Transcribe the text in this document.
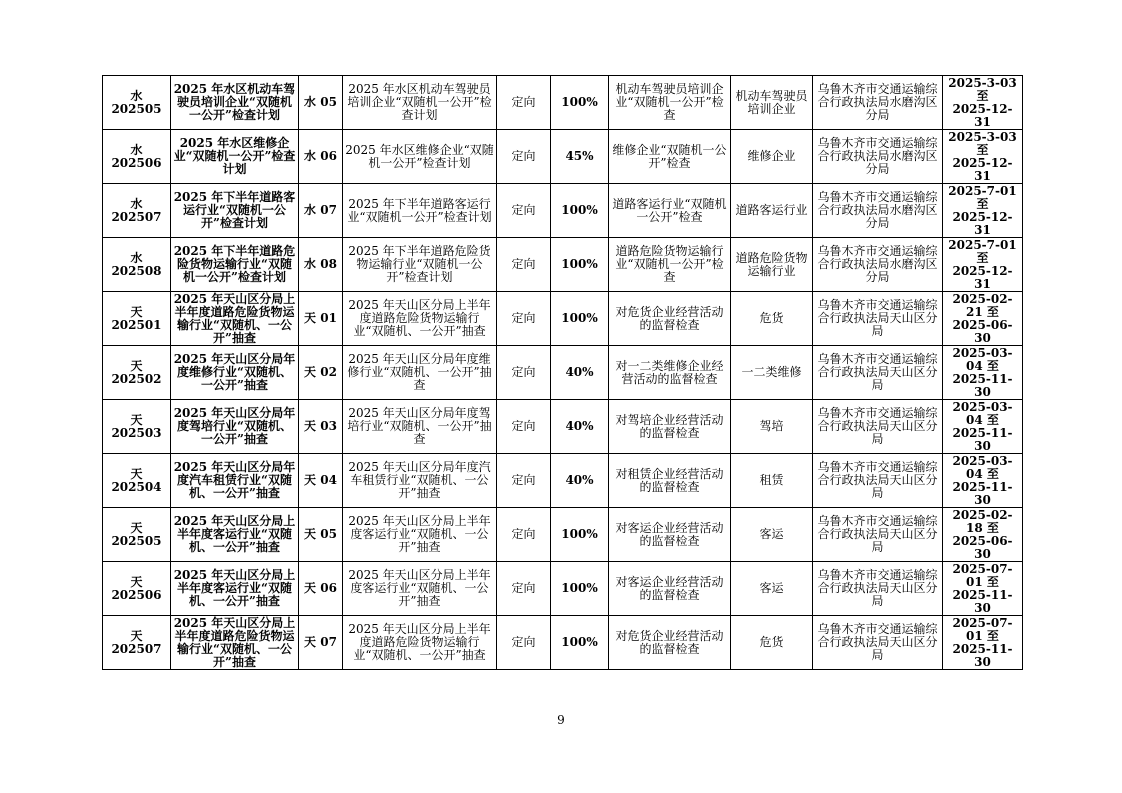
水 202505	2025 年水区机动车驾驶员培训企业“双随机一公开”检查计划	水 05	2025 年水区机动车驾驶员培训企业“双随机一公开”检查计划	定向	100%	机动车驾驶员培训企业“双随机一公开”检查	机动车驾驶员培训企业	乌鲁木齐市交通运输综合行政执法局水磨沟区分局	2025-3-03 至
2025-12-31

水 202506	2025 年水区维修企业“双随机一公开”检查计划	水 06	2025 年水区维修企业“双随机一公开”检查计划	定向	45%	维修企业“双随机一公开”检查	维修企业	乌鲁木齐市交通运输综合行政执法局水磨沟区分局	2025-3-03 至
2025-12-31

水 202507	2025 年下半年道路客运行业“双随机一公开”检查计划	水 07	2025 年下半年道路客运行业“双随机一公开”检查计划	定向	100%	道路客运行业“双随机一公开”检查	道路客运行业	乌鲁木齐市交通运输综合行政执法局水磨沟区分局	2025-7-01 至
2025-12-31

水 202508	2025 年下半年道路危险货物运输行业“双随机一公开”检查计划	水 08	2025 年下半年道路危险货物运输行业“双随机一公开”检查计划	定向	100%	道路危险货物运输行业“双随机一公开”检查	道路危险货物运输行业	乌鲁木齐市交通运输综合行政执法局水磨沟区分局	2025-7-01 至
2025-12-31

天 202501	2025 年天山区分局上半年度道路危险货物运输行业“双随机、一公开”抽查	天 01	2025 年天山区分局上半年度道路危险货物运输行业“双随机、一公开”抽查	定向	100%	对危货企业经营活动的监督检查	危货	乌鲁木齐市交通运输综合行政执法局天山区分局	2025-02-21 至
2025-06-30

天 202502	2025 年天山区分局年度维修行业“双随机、一公开”抽查	天 02	2025 年天山区分局年度维修行业“双随机、一公开”抽查	定向	40%	对一二类维修企业经营活动的监督检查	一二类维修	乌鲁木齐市交通运输综合行政执法局天山区分局	2025-03-04 至
2025-11-30

天 202503	2025 年天山区分局年度驾培行业“双随机、一公开”抽查	天 03	2025 年天山区分局年度驾培行业“双随机、一公开”抽查	定向	40%	对驾培企业经营活动的监督检查	驾培	乌鲁木齐市交通运输综合行政执法局天山区分局	2025-03-04 至
2025-11-30

天 202504	2025 年天山区分局年度汽车租赁行业“双随机、一公开”抽查	天 04	2025 年天山区分局年度汽车租赁行业“双随机、一公开”抽查	定向	40%	对租赁企业经营活动的监督检查	租赁	乌鲁木齐市交通运输综合行政执法局天山区分局	2025-03-04 至
2025-11-30

天 202505	2025 年天山区分局上半年度客运行业“双随机、一公开”抽查	天 05	2025 年天山区分局上半年度客运行业“双随机、一公开”抽查	定向	100%	对客运企业经营活动的监督检查	客运	乌鲁木齐市交通运输综合行政执法局天山区分局	2025-02-18 至
2025-06-30

天 202506	2025 年天山区分局上半年度客运行业“双随机、一公开”抽查	天 06	2025 年天山区分局上半年度客运行业“双随机、一公开”抽查	定向	100%	对客运企业经营活动的监督检查	客运	乌鲁木齐市交通运输综合行政执法局天山区分局	2025-07-01 至
2025-11-30

天 202507	2025 年天山区分局上半年度道路危险货物运输行业“双随机、一公开”抽查	天 07	2025 年天山区分局上半年度道路危险货物运输行业“双随机、一公开”抽查	定向	100%	对危货企业经营活动的监督检查	危货	乌鲁木齐市交通运输综合行政执法局天山区分局	2025-07-01 至
2025-11-30
9
